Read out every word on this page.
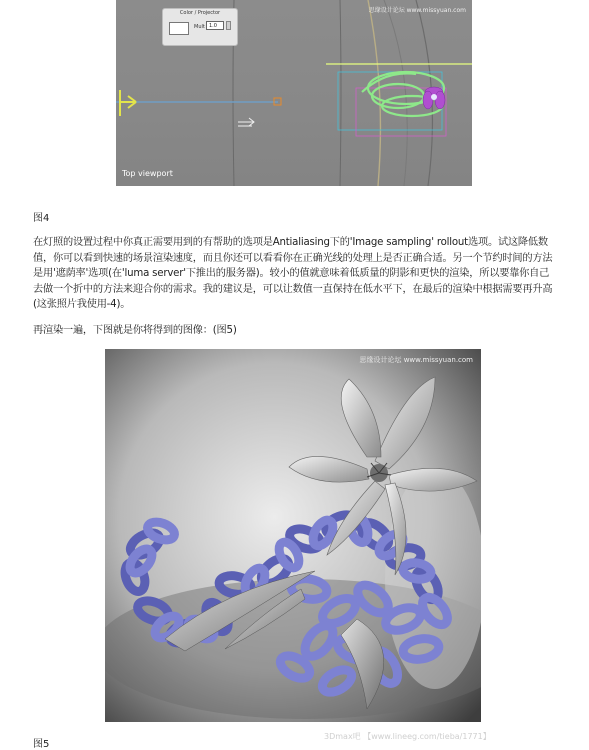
Color / Projector
Mult 1.0
思缘设计论坛 www.missyuan.com
Top viewport
图4

在灯照的设置过程中你真正需要用到的有帮助的选项是Antialiasing下的'Image sampling' rollout选项。试这降低数值，你可以看到快速的场景渲染速度，而且你还可以看看你在正确光线的处理上是否正确合适。另一个节约时间的方法是用'遮荫率'选项(在'luma server'下推出的服务器)。较小的值就意味着低质量的阴影和更快的渲染，所以要靠你自己去做一个折中的方法来迎合你的需求。我的建议是，可以让数值一直保持在低水平下，在最后的渲染中根据需要再升高(这张照片我使用-4)。

再渲染一遍，下图就是你将得到的图像：(图5)

思缘设计论坛 www.missyuan.com
图5
3Dmax吧 【www.lineeg.com/tieba/1771】
